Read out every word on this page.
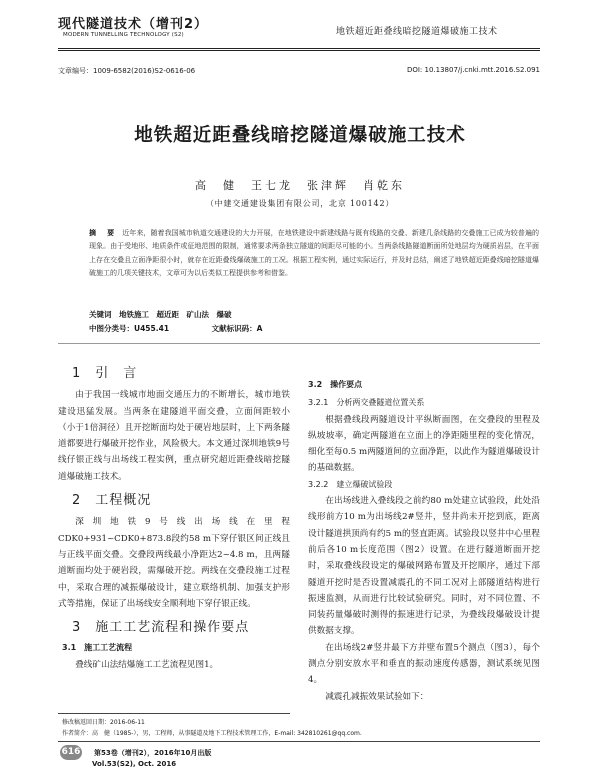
现代隧道技术（增刊2）
MODERN TUNNELLING TECHNOLOGY (S2)	地铁超近距叠线暗挖隧道爆破施工技术
文章编号：1009-6582(2016)S2-0616-06	DOI: 10.13807/j.cnki.mtt.2016.S2.091
地铁超近距叠线暗挖隧道爆破施工技术
高　健　王七龙　张津辉　肖乾东
（中建交通建设集团有限公司，北京 100142）
摘　要 近年来，随着我国城市轨道交通建设的大力开展，在地铁建设中新建线路与既有线路的交叠、新建几条线路的交叠施工已成为较普遍的现象。由于受地形、地质条件或征地范围的限制，通常要求两条独立隧道的间距尽可能的小。当两条线路隧道断面所处地层均为硬质岩层，在平面上存在交叠且立面净距很小时，就存在近距叠线爆破施工的工况。根据工程实例，通过实际运行，并及时总结，阐述了地铁超近距叠线暗挖隧道爆破施工的几项关键技术，文章可为以后类似工程提供参考和借鉴。
关键词　地铁施工　超近距　矿山法　爆破
中图分类号：U455.41	文献标识码：A
1　引　言

由于我国一线城市地面交通压力的不断增长，城市地铁建设迅猛发展。当两条在建隧道平面交叠，立面间距较小（小于1倍洞径）且开挖断面均处于硬岩地层时，上下两条隧道都要进行爆破开挖作业，风险极大。本文通过深圳地铁9号线仔银正线与出场线工程实例，重点研究超近距叠线暗挖隧道爆破施工技术。

2　工程概况

深圳地铁9号线出场线在里程CDK0+931~CDK0+873.8段约58 m下穿仔银区间正线且与正线平面交叠。交叠段两线最小净距达2~4.8 m，且两隧道断面均处于硬岩段，需爆破开挖。两线在交叠段施工过程中，采取合理的减振爆破设计，建立联络机制、加强支护形式等措施，保证了出场线安全顺利地下穿仔银正线。

3　施工工艺流程和操作要点
3.1　施工工艺流程

叠线矿山法结爆施工工艺流程见图1。

3.2　操作要点
3.2.1　分析两交叠隧道位置关系

根据叠线段两隧道设计平纵断面图，在交叠段的里程及纵坡坡率，确定两隧道在立面上的净距随里程的变化情况，细化至每0.5 m两隧道间的立面净距，以此作为隧道爆破设计的基础数据。

3.2.2　建立爆破试验段

在出场线进入叠线段之前约80 m处建立试验段，此处沿线形前方10 m为出场线2#竖井，竖井尚未开挖到底，距离设计隧道拱顶尚有约5 m的竖直距离。试验段以竖井中心里程前后各10 m长度范围（图2）设置。在进行隧道断面开挖时，采取叠线段设定的爆破网路布置及开挖顺序，通过下部隧道开挖时是否设置减震孔的不同工况对上部隧道结构进行振速监测，从而进行比较试验研究。同时，对不同位置、不同装药量爆破时测得的振速进行记录，为叠线段爆破设计提供数据支撑。

在出场线2#竖井最下方并壁布置5个测点（图3），每个测点分别安放水平和垂直的振动速度传感器，测试系统见图4。

减震孔减振效果试验如下：

修改稿返回日期：2016-06-11
作者简介：高　健（1985-），男，工程师，从事隧道及地下工程技术管理工作，E-mail: 342810261@qq.com.
616 第53卷（增刊2），2016年10月出版
Vol.53(S2), Oct. 2016
